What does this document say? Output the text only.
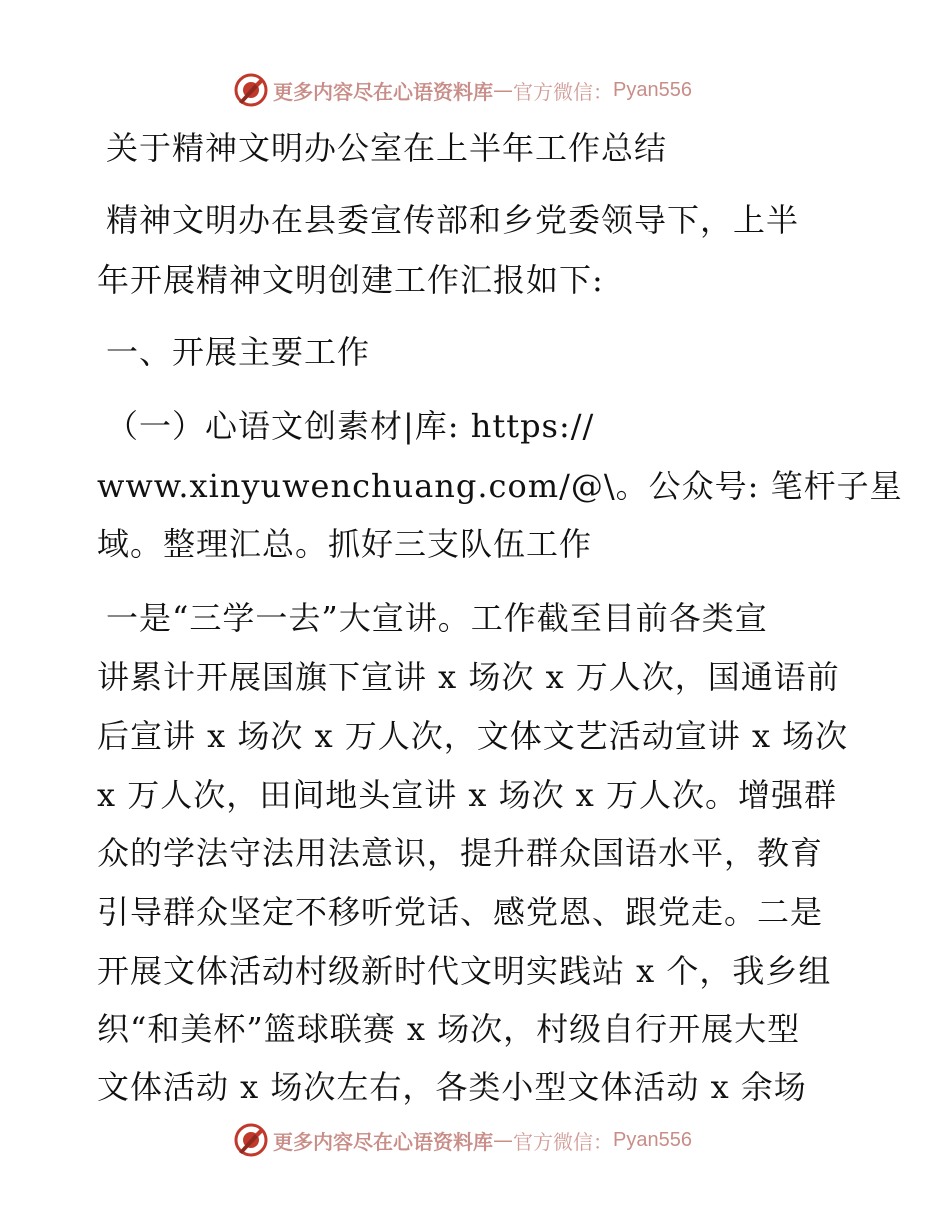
更多内容尽在心语资料库 — 官方微信： Pyan556
关于精神文明办公室在上半年工作总结
精神文明办在县委宣传部和乡党委领导下，上半
年开展精神文明创建工作汇报如下:
一、开展主要工作
（一）心语文创素材|库: https://
www.xinyuwenchuang.com/@\。公众号: 笔杆子星
域。整理汇总。抓好三支队伍工作
一是“三学一去”大宣讲。工作截至目前各类宣
讲累计开展国旗下宣讲 x 场次 x 万人次，国通语前
后宣讲 x 场次 x 万人次，文体文艺活动宣讲 x 场次
x 万人次，田间地头宣讲 x 场次 x 万人次。增强群
众的学法守法用法意识，提升群众国语水平，教育
引导群众坚定不移听党话、感党恩、跟党走。二是
开展文体活动村级新时代文明实践站 x 个，我乡组
织“和美杯”篮球联赛 x 场次，村级自行开展大型
文体活动 x 场次左右，各类小型文体活动 x 余场
更多内容尽在心语资料库 — 官方微信： Pyan556
